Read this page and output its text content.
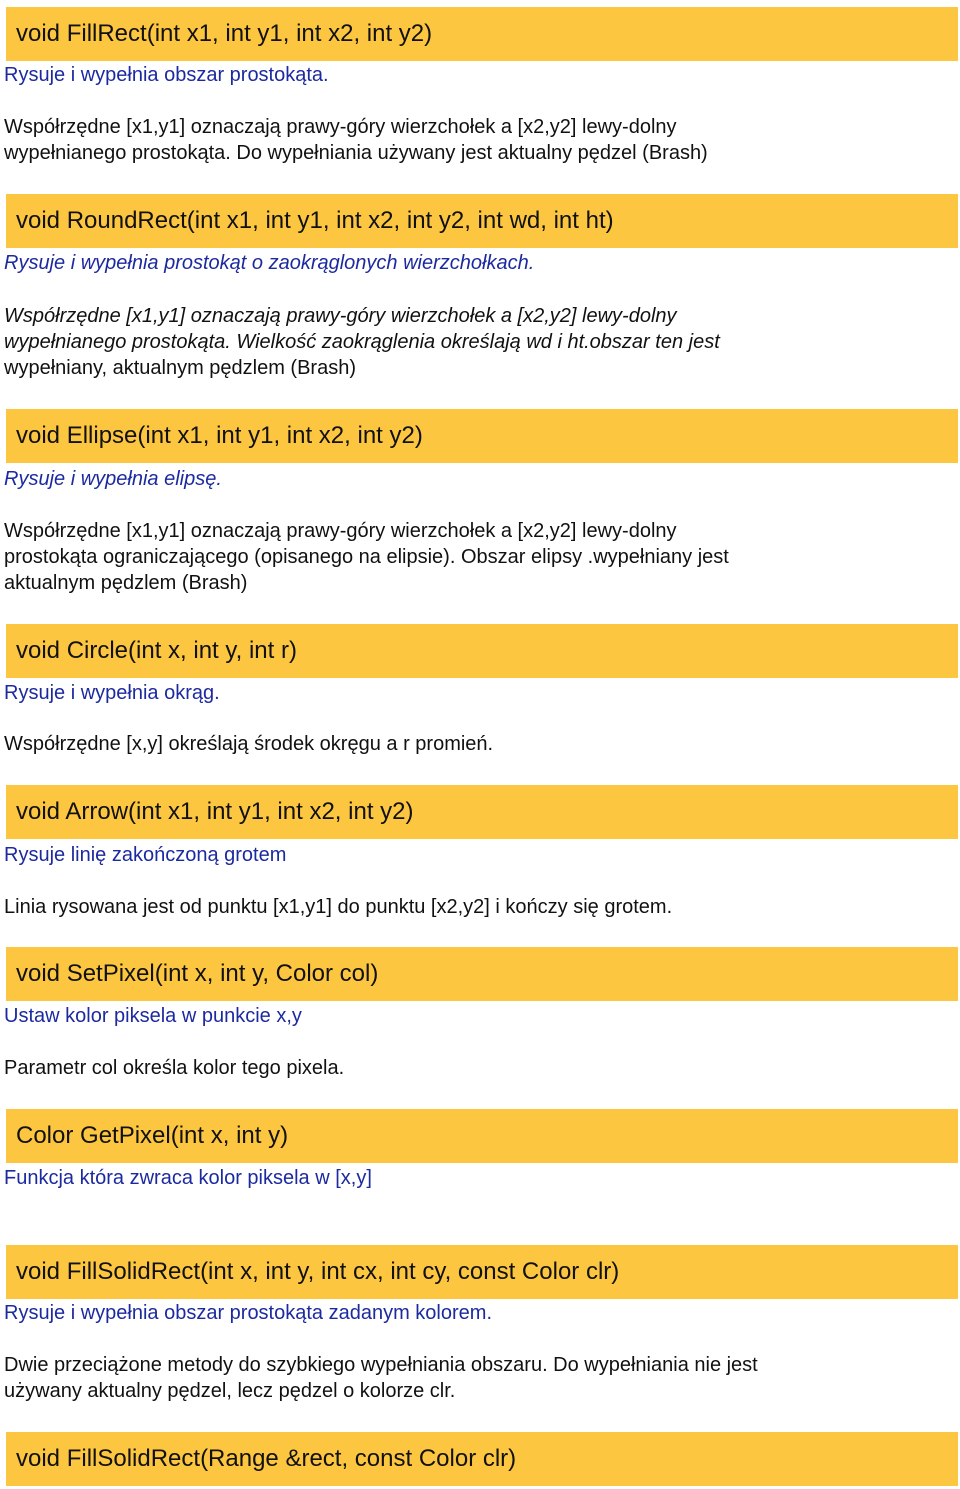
void FillRect(int x1, int y1, int x2, int y2)
Rysuje i wypełnia obszar prostokąta.
Współrzędne [x1,y1] oznaczają prawy-góry wierzchołek a [x2,y2] lewy-dolny
wypełnianego prostokąta. Do wypełniania używany jest aktualny pędzel (Brash)
void RoundRect(int x1, int y1, int x2, int y2, int wd, int ht)
Rysuje i wypełnia prostokąt o zaokrąglonych wierzchołkach.
Współrzędne [x1,y1] oznaczają prawy-góry wierzchołek a [x2,y2] lewy-dolny
wypełnianego prostokąta. Wielkość zaokrąglenia określają wd i ht.obszar ten jest
wypełniany, aktualnym pędzlem (Brash)
void Ellipse(int x1, int y1, int x2, int y2)
Rysuje i wypełnia elipsę.
Współrzędne [x1,y1] oznaczają prawy-góry wierzchołek a [x2,y2] lewy-dolny
prostokąta ograniczającego (opisanego na elipsie). Obszar elipsy .wypełniany jest
aktualnym pędzlem (Brash)
void Circle(int x, int y, int r)
Rysuje i wypełnia okrąg.
Współrzędne [x,y] określają środek okręgu a r promień.
void Arrow(int x1, int y1, int x2, int y2)
Rysuje linię zakończoną grotem
Linia rysowana jest od punktu [x1,y1] do punktu [x2,y2] i kończy się grotem.
void SetPixel(int x, int y, Color col)
Ustaw kolor piksela w punkcie x,y
Parametr col określa kolor tego pixela.
Color GetPixel(int x, int y)
Funkcja która zwraca kolor piksela w [x,y]
void FillSolidRect(int x, int y, int cx, int cy, const Color clr)
Rysuje i wypełnia obszar prostokąta zadanym kolorem.
Dwie przeciążone metody do szybkiego wypełniania obszaru. Do wypełniania nie jest
używany aktualny pędzel, lecz pędzel o kolorze clr.
void FillSolidRect(Range &rect, const Color clr)
